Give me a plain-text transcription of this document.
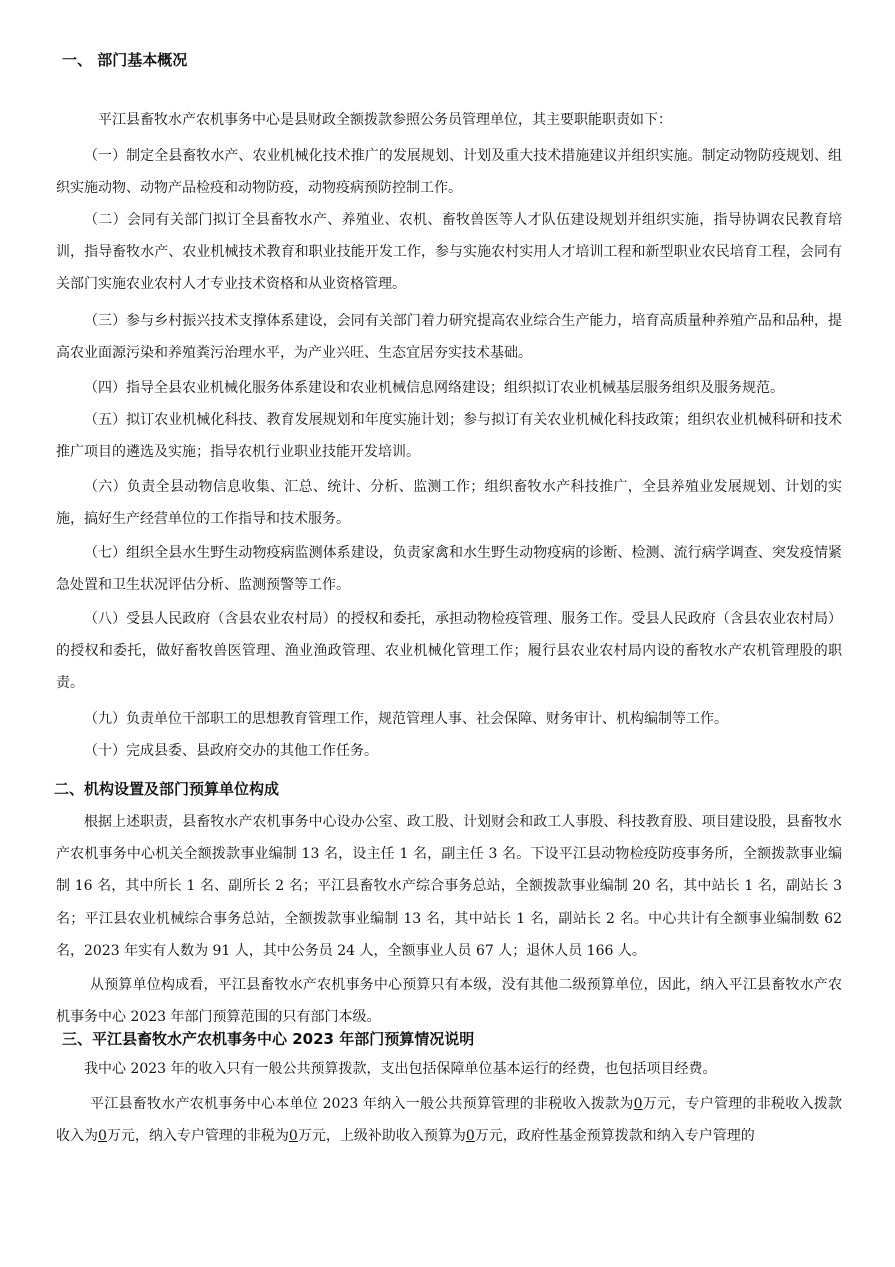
一、 部门基本概况

平江县畜牧水产农机事务中心是县财政全额拨款参照公务员管理单位，其主要职能职责如下：

（一）制定全县畜牧水产、农业机械化技术推广的发展规划、计划及重大技术措施建议并组织实施。制定动物防疫规划、组织实施动物、动物产品检疫和动物防疫，动物疫病预防控制工作。

（二）会同有关部门拟订全县畜牧水产、养殖业、农机、畜牧兽医等人才队伍建设规划并组织实施，指导协调农民教育培训，指导畜牧水产、农业机械技术教育和职业技能开发工作，参与实施农村实用人才培训工程和新型职业农民培育工程，会同有关部门实施农业农村人才专业技术资格和从业资格管理。

（三）参与乡村振兴技术支撑体系建设，会同有关部门着力研究提高农业综合生产能力，培育高质量种养殖产品和品种，提高农业面源污染和养殖粪污治理水平，为产业兴旺、生态宜居夯实技术基础。

（四）指导全县农业机械化服务体系建设和农业机械信息网络建设；组织拟订农业机械基层服务组织及服务规范。

（五）拟订农业机械化科技、教育发展规划和年度实施计划；参与拟订有关农业机械化科技政策；组织农业机械科研和技术推广项目的遴选及实施；指导农机行业职业技能开发培训。

（六）负责全县动物信息收集、汇总、统计、分析、监测工作；组织畜牧水产科技推广，全县养殖业发展规划、计划的实施，搞好生产经营单位的工作指导和技术服务。

（七）组织全县水生野生动物疫病监测体系建设，负责家禽和水生野生动物疫病的诊断、检测、流行病学调查、突发疫情紧急处置和卫生状况评估分析、监测预警等工作。

（八）受县人民政府（含县农业农村局）的授权和委托，承担动物检疫管理、服务工作。受县人民政府（含县农业农村局）的授权和委托，做好畜牧兽医管理、渔业渔政管理、农业机械化管理工作；履行县农业农村局内设的畜牧水产农机管理股的职责。

（九）负责单位干部职工的思想教育管理工作，规范管理人事、社会保障、财务审计、机构编制等工作。

（十）完成县委、县政府交办的其他工作任务。

二、机构设置及部门预算单位构成

根据上述职责，县畜牧水产农机事务中心设办公室、政工股、计划财会和政工人事股、科技教育股、项目建设股，县畜牧水产农机事务中心机关全额拨款事业编制 13 名，设主任 1 名，副主任 3 名。下设平江县动物检疫防疫事务所，全额拨款事业编制 16 名，其中所长 1 名、副所长 2 名；平江县畜牧水产综合事务总站，全额拨款事业编制 20 名，其中站长 1 名，副站长 3 名；平江县农业机械综合事务总站，全额拨款事业编制 13 名，其中站长 1 名，副站长 2 名。中心共计有全额事业编制数 62 名，2023 年实有人数为 91 人，其中公务员 24 人，全额事业人员 67 人；退休人员 166 人。

从预算单位构成看，平江县畜牧水产农机事务中心预算只有本级，没有其他二级预算单位，因此，纳入平江县畜牧水产农机事务中心 2023 年部门预算范围的只有部门本级。

三、平江县畜牧水产农机事务中心 2023 年部门预算情况说明

我中心 2023 年的收入只有一般公共预算拨款，支出包括保障单位基本运行的经费，也包括项目经费。

平江县畜牧水产农机事务中心本单位 2023 年纳入一般公共预算管理的非税收入拨款为0万元，专户管理的非税收入拨款收入为0万元，纳入专户管理的非税为0万元，上级补助收入预算为0万元，政府性基金预算拨款和纳入专户管理的
